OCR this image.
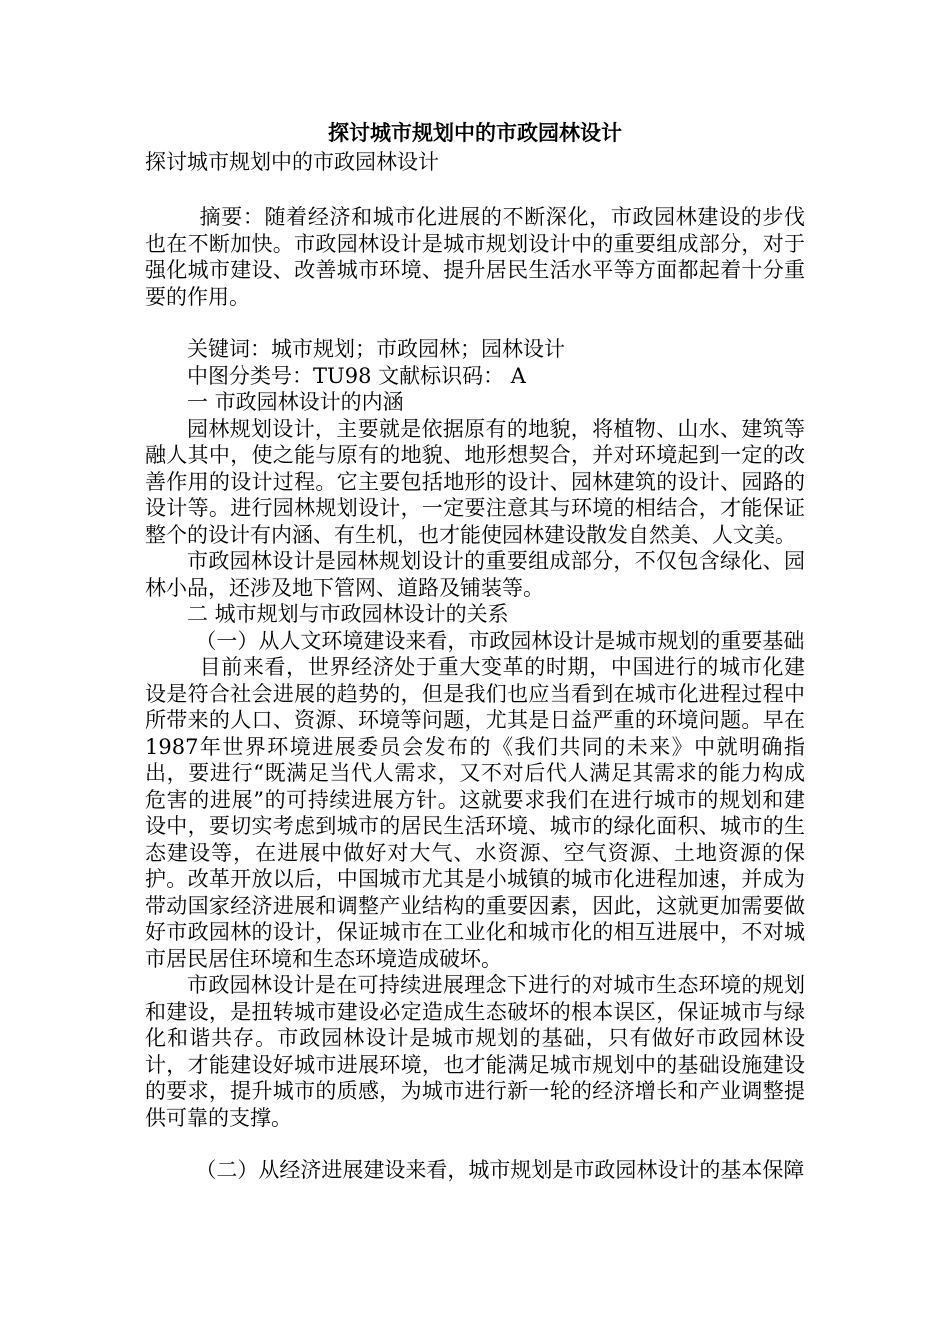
探讨城市规划中的市政园林设计
探讨城市规划中的市政园林设计

摘要：随着经济和城市化进展的不断深化，市政园林建设的步伐也在不断加快。市政园林设计是城市规划设计中的重要组成部分，对于强化城市建设、改善城市环境、提升居民生活水平等方面都起着十分重要的作用。

关键词：城市规划；市政园林；园林设计

中图分类号：TU98 文献标识码： A

一 市政园林设计的内涵

园林规划设计，主要就是依据原有的地貌，将植物、山水、建筑等融人其中，使之能与原有的地貌、地形想契合，并对环境起到一定的改善作用的设计过程。它主要包括地形的设计、园林建筑的设计、园路的设计等。进行园林规划设计，一定要注意其与环境的相结合，才能保证整个的设计有内涵、有生机，也才能使园林建设散发自然美、人文美。

市政园林设计是园林规划设计的重要组成部分，不仅包含绿化、园林小品，还涉及地下管网、道路及铺装等。

二 城市规划与市政园林设计的关系

（一）从人文环境建设来看，市政园林设计是城市规划的重要基础

目前来看，世界经济处于重大变革的时期，中国进行的城市化建设是符合社会进展的趋势的，但是我们也应当看到在城市化进程过程中所带来的人口、资源、环境等问题，尤其是日益严重的环境问题。早在1987年世界环境进展委员会发布的《我们共同的未来》中就明确指出，要进行“既满足当代人需求，又不对后代人满足其需求的能力构成危害的进展”的可持续进展方针。这就要求我们在进行城市的规划和建设中，要切实考虑到城市的居民生活环境、城市的绿化面积、城市的生态建设等，在进展中做好对大气、水资源、空气资源、土地资源的保护。改革开放以后，中国城市尤其是小城镇的城市化进程加速，并成为带动国家经济进展和调整产业结构的重要因素，因此，这就更加需要做好市政园林的设计，保证城市在工业化和城市化的相互进展中，不对城市居民居住环境和生态环境造成破坏。

市政园林设计是在可持续进展理念下进行的对城市生态环境的规划和建设，是扭转城市建设必定造成生态破坏的根本误区，保证城市与绿化和谐共存。市政园林设计是城市规划的基础，只有做好市政园林设计，才能建设好城市进展环境，也才能满足城市规划中的基础设施建设的要求，提升城市的质感，为城市进行新一轮的经济增长和产业调整提供可靠的支撑。

（二）从经济进展建设来看，城市规划是市政园林设计的基本保障
